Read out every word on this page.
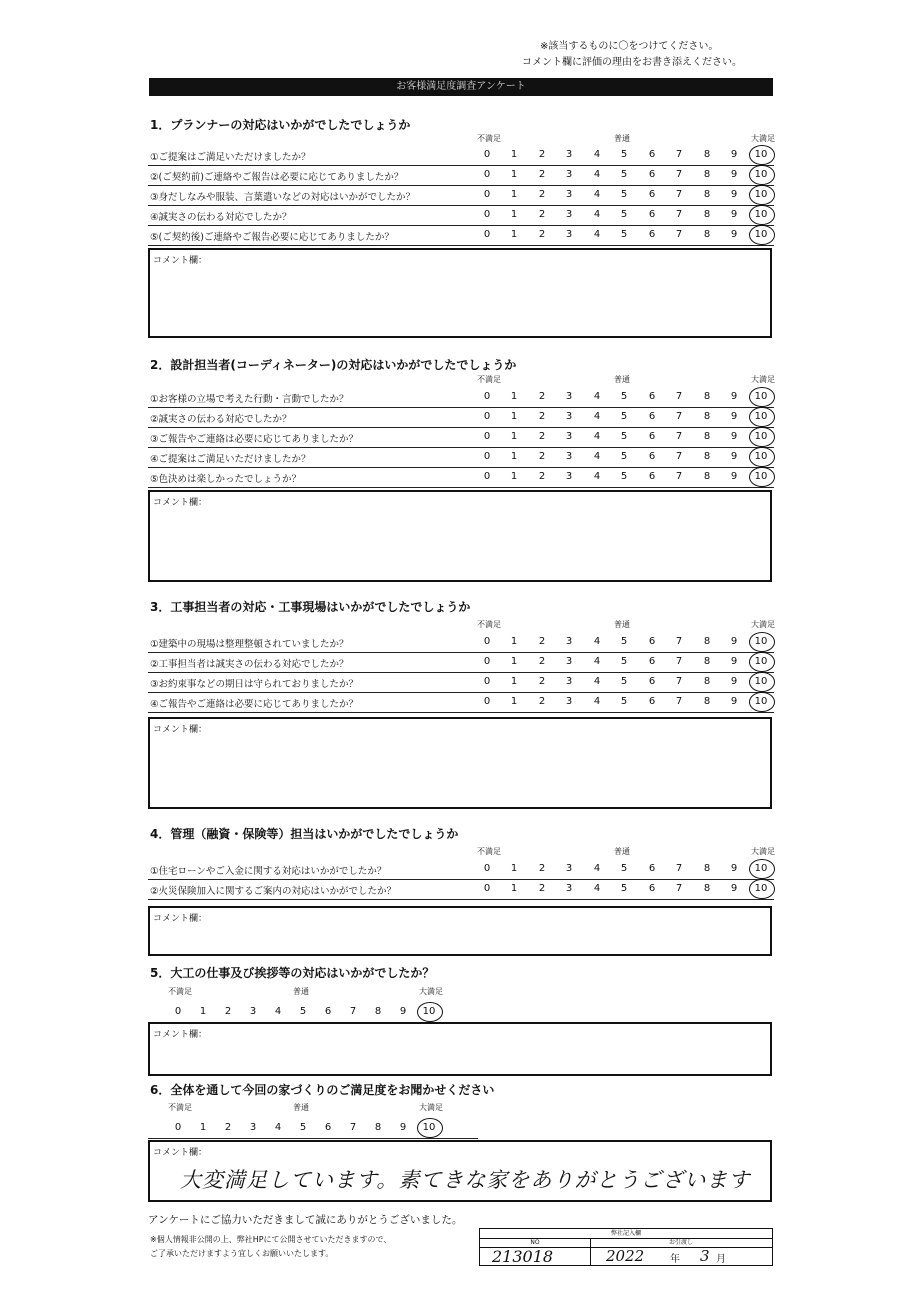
※該当するものに〇をつけてください。
コメント欄に評価の理由をお書き添えください。
お客様満足度調査アンケート
1．プランナーの対応はいかがでしたでしょうか
不満足	普通	大満足
①ご提案はご満足いただけましたか？	0	1	2	3	4	5	6	7	8	9	10
②(ご契約前)ご連絡やご報告は必要に応じてありましたか？	0	1	2	3	4	5	6	7	8	9	10
③身だしなみや服装、言葉遣いなどの対応はいかがでしたか？	0	1	2	3	4	5	6	7	8	9	10
④誠実さの伝わる対応でしたか？	0	1	2	3	4	5	6	7	8	9	10
⑤(ご契約後)ご連絡やご報告必要に応じてありましたか？	0	1	2	3	4	5	6	7	8	9	10
コメント欄：
2．設計担当者(コーディネーター)の対応はいかがでしたでしょうか
不満足	普通	大満足
①お客様の立場で考えた行動・言動でしたか？	0	1	2	3	4	5	6	7	8	9	10
②誠実さの伝わる対応でしたか？	0	1	2	3	4	5	6	7	8	9	10
③ご報告やご連絡は必要に応じてありましたか？	0	1	2	3	4	5	6	7	8	9	10
④ご提案はご満足いただけましたか？	0	1	2	3	4	5	6	7	8	9	10
⑤色決めは楽しかったでしょうか？	0	1	2	3	4	5	6	7	8	9	10
コメント欄：
3．工事担当者の対応・工事現場はいかがでしたでしょうか
不満足	普通	大満足
①建築中の現場は整理整頓されていましたか？	0	1	2	3	4	5	6	7	8	9	10
②工事担当者は誠実さの伝わる対応でしたか？	0	1	2	3	4	5	6	7	8	9	10
③お約束事などの期日は守られておりましたか？	0	1	2	3	4	5	6	7	8	9	10
④ご報告やご連絡は必要に応じてありましたか？	0	1	2	3	4	5	6	7	8	9	10
コメント欄：
4．管理（融資・保険等）担当はいかがでしたでしょうか
不満足	普通	大満足
①住宅ローンやご入金に関する対応はいかがでしたか？	0	1	2	3	4	5	6	7	8	9	10
②火災保険加入に関するご案内の対応はいかがでしたか？	0	1	2	3	4	5	6	7	8	9	10
コメント欄：
5．大工の仕事及び挨拶等の対応はいかがでしたか？
不満足	普通	大満足
0	1	2	3	4	5	6	7	8	9	10
コメント欄：
6．全体を通して今回の家づくりのご満足度をお聞かせください
不満足	普通	大満足
0	1	2	3	4	5	6	7	8	9	10
コメント欄：
大変満足しています。素てきな家をありがとうございます
アンケートにご協力いただきまして誠にありがとうございました。
※個人情報非公開の上、弊社HPにて公開させていただきますので、
ご了承いただけますよう宜しくお願いいたします。
弊社記入欄
NO	お引渡し
213018	2022	年 3 月
